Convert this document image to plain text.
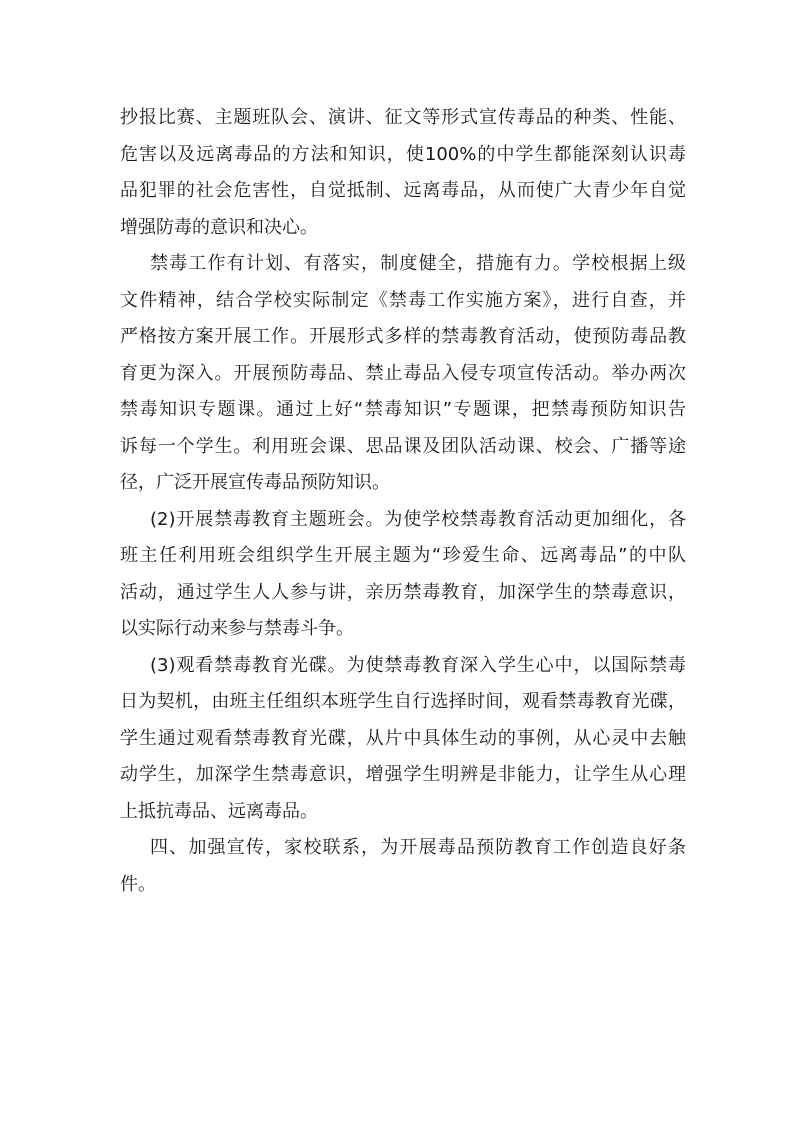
抄报比赛、主题班队会、演讲、征文等形式宣传毒品的种类、性能、
危害以及远离毒品的方法和知识，使100%的中学生都能深刻认识毒
品犯罪的社会危害性，自觉抵制、远离毒品，从而使广大青少年自觉
增强防毒的意识和决心。
禁毒工作有计划、有落实，制度健全，措施有力。学校根据上级
文件精神，结合学校实际制定《禁毒工作实施方案》，进行自查，并
严格按方案开展工作。开展形式多样的禁毒教育活动，使预防毒品教
育更为深入。开展预防毒品、禁止毒品入侵专项宣传活动。举办两次
禁毒知识专题课。通过上好“禁毒知识”专题课，把禁毒预防知识告
诉每一个学生。利用班会课、思品课及团队活动课、校会、广播等途
径，广泛开展宣传毒品预防知识。
(2)开展禁毒教育主题班会。为使学校禁毒教育活动更加细化，各
班主任利用班会组织学生开展主题为“珍爱生命、远离毒品”的中队
活动，通过学生人人参与讲，亲历禁毒教育，加深学生的禁毒意识，
以实际行动来参与禁毒斗争。
(3)观看禁毒教育光碟。为使禁毒教育深入学生心中，以国际禁毒
日为契机，由班主任组织本班学生自行选择时间，观看禁毒教育光碟，
学生通过观看禁毒教育光碟，从片中具体生动的事例，从心灵中去触
动学生，加深学生禁毒意识，增强学生明辨是非能力，让学生从心理
上抵抗毒品、远离毒品。
四、加强宣传，家校联系，为开展毒品预防教育工作创造良好条
件。
